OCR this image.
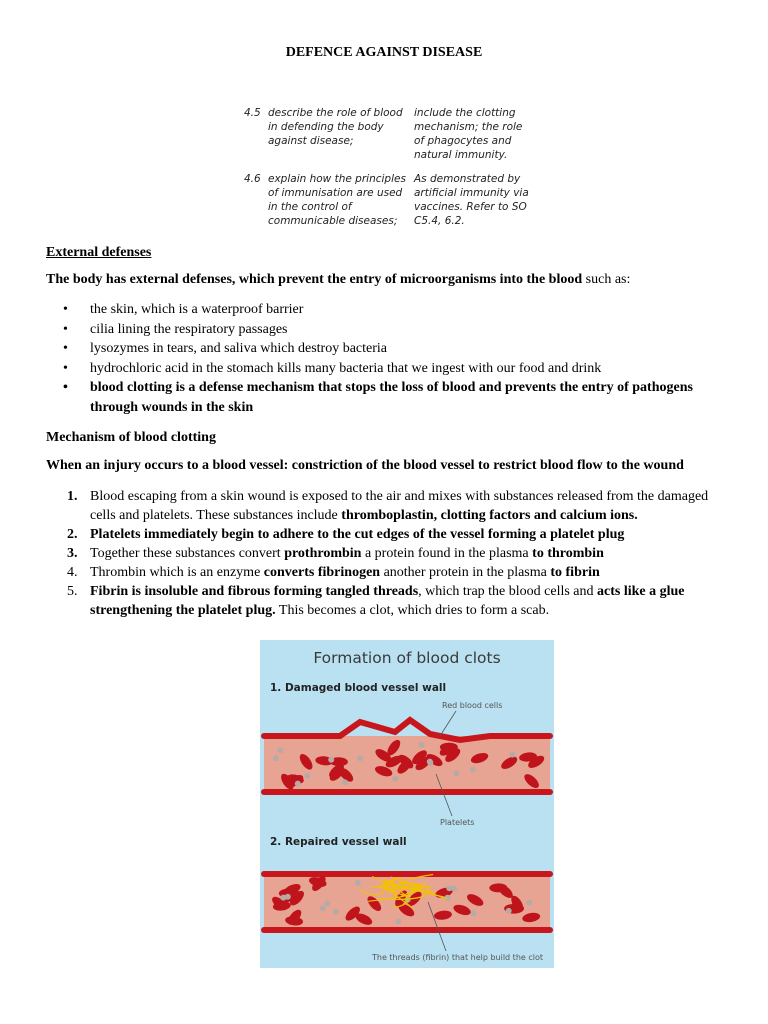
DEFENCE AGAINST DISEASE
4.5 describe the role of blood in defending the body against disease;
include the clotting mechanism; the role of phagocytes and natural immunity.
4.6 explain how the principles of immunisation are used in the control of communicable diseases;
As demonstrated by artificial immunity via vaccines. Refer to SO C5.4, 6.2.
External defenses
The body has external defenses, which prevent the entry of microorganisms into the blood such as:
• the skin, which is a waterproof barrier
• cilia lining the respiratory passages
• lysozymes in tears, and saliva which destroy bacteria
• hydrochloric acid in the stomach kills many bacteria that we ingest with our food and drink
• blood clotting is a defense mechanism that stops the loss of blood and prevents the entry of pathogens through wounds in the skin
Mechanism of blood clotting
When an injury occurs to a blood vessel: constriction of the blood vessel to restrict blood flow to the wound
1. Blood escaping from a skin wound is exposed to the air and mixes with substances released from the damaged cells and platelets. These substances include thromboplastin, clotting factors and calcium ions.
2. Platelets immediately begin to adhere to the cut edges of the vessel forming a platelet plug
3. Together these substances convert prothrombin a protein found in the plasma to thrombin
4. Thrombin which is an enzyme converts fibrinogen another protein in the plasma to fibrin
5. Fibrin is insoluble and fibrous forming tangled threads, which trap the blood cells and acts like a glue strengthening the platelet plug. This becomes a clot, which dries to form a scab.
Formation of blood clots
1. Damaged blood vessel wall
Red blood cells
Platelets
2. Repaired vessel wall
The threads (fibrin) that help build the clot
